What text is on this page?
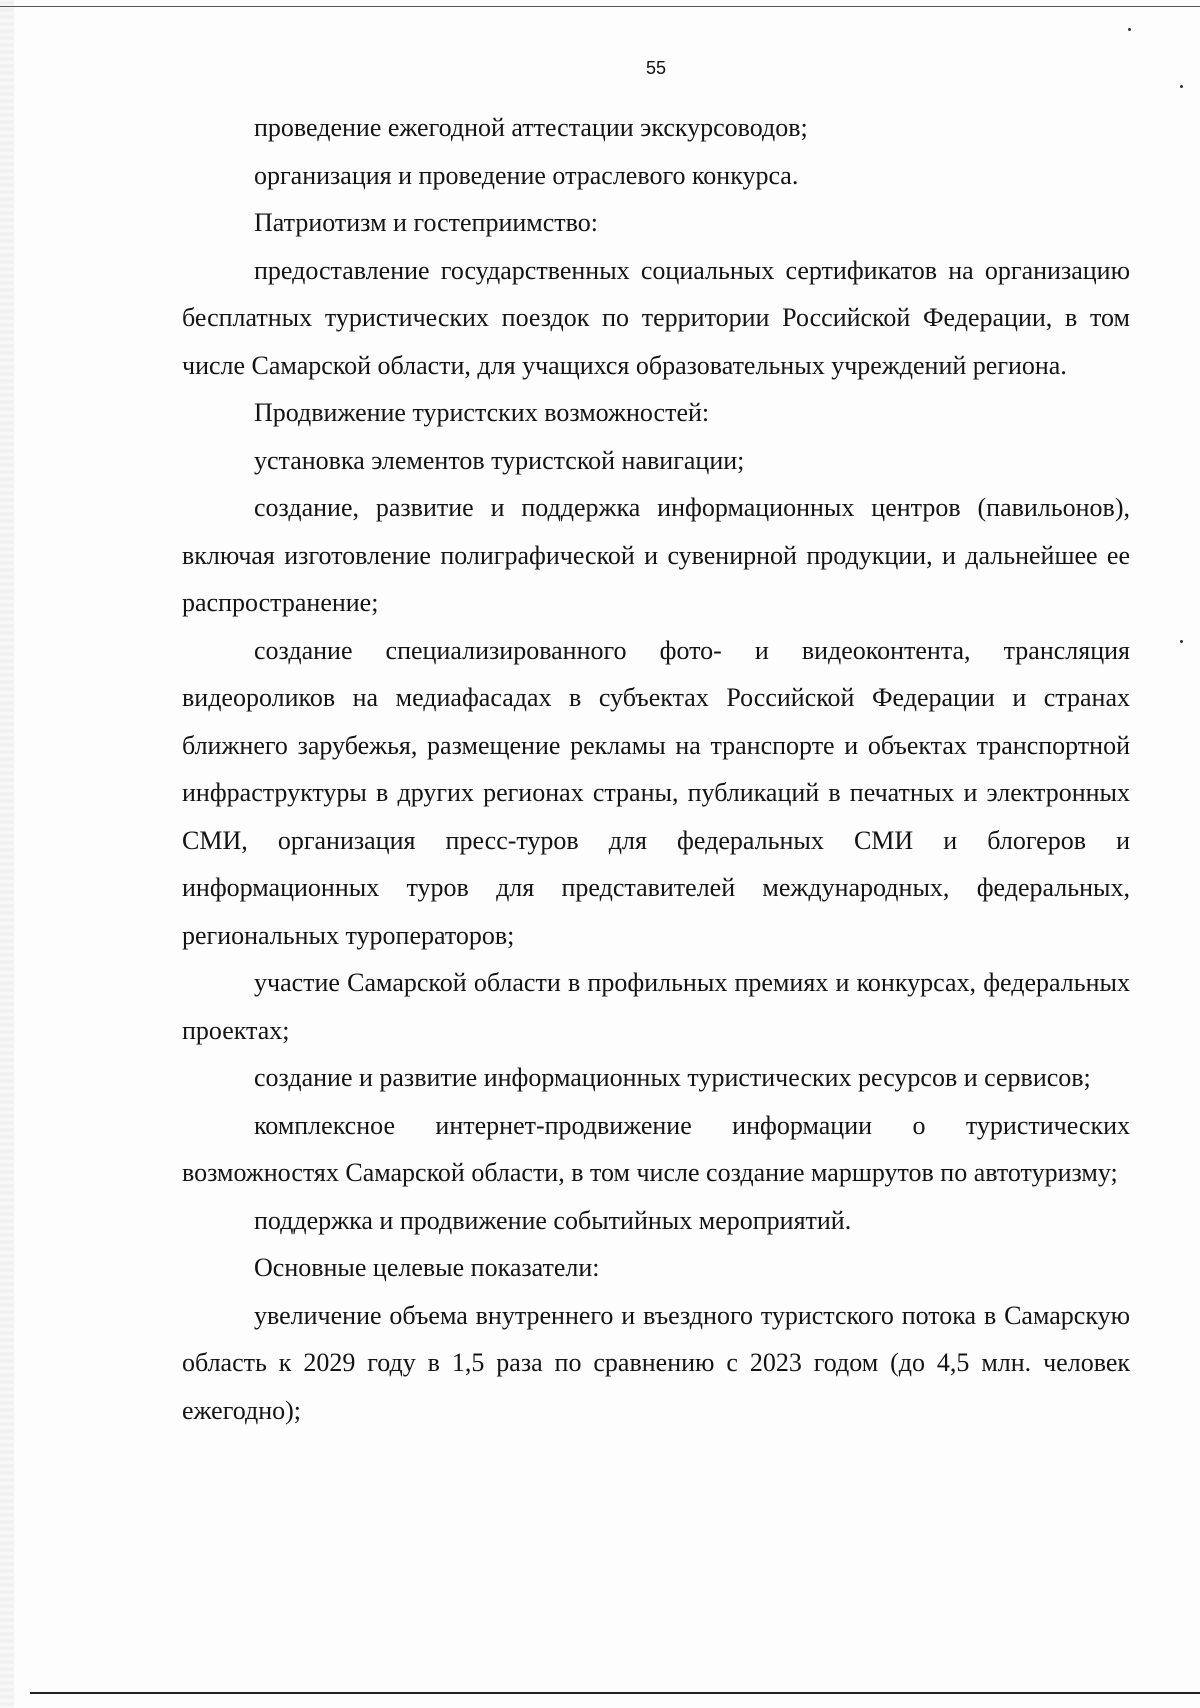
55

проведение ежегодной аттестации экскурсоводов;

организация и проведение отраслевого конкурса.

Патриотизм и гостеприимство:

предоставление государственных социальных сертификатов на организацию бесплатных туристических поездок по территории Российской Федерации, в том числе Самарской области, для учащихся образовательных учреждений региона.

Продвижение туристских возможностей:

установка элементов туристской навигации;

создание, развитие и поддержка информационных центров (павильонов), включая изготовление полиграфической и сувенирной продукции, и дальнейшее ее распространение;

создание специализированного фото- и видеоконтента, трансляция видеороликов на медиафасадах в субъектах Российской Федерации и странах ближнего зарубежья, размещение рекламы на транспорте и объектах транспортной инфраструктуры в других регионах страны, публикаций в печатных и электронных СМИ, организация пресс-туров для федеральных СМИ и блогеров и информационных туров для представителей международных, федеральных, региональных туроператоров;

участие Самарской области в профильных премиях и конкурсах, федеральных проектах;

создание и развитие информационных туристических ресурсов и сервисов;

комплексное интернет-продвижение информации о туристических возможностях Самарской области, в том числе создание маршрутов по автотуризму;

поддержка и продвижение событийных мероприятий.

Основные целевые показатели:

увеличение объема внутреннего и въездного туристского потока в Самарскую область к 2029 году в 1,5 раза по сравнению с 2023 годом (до 4,5 млн. человек ежегодно);
